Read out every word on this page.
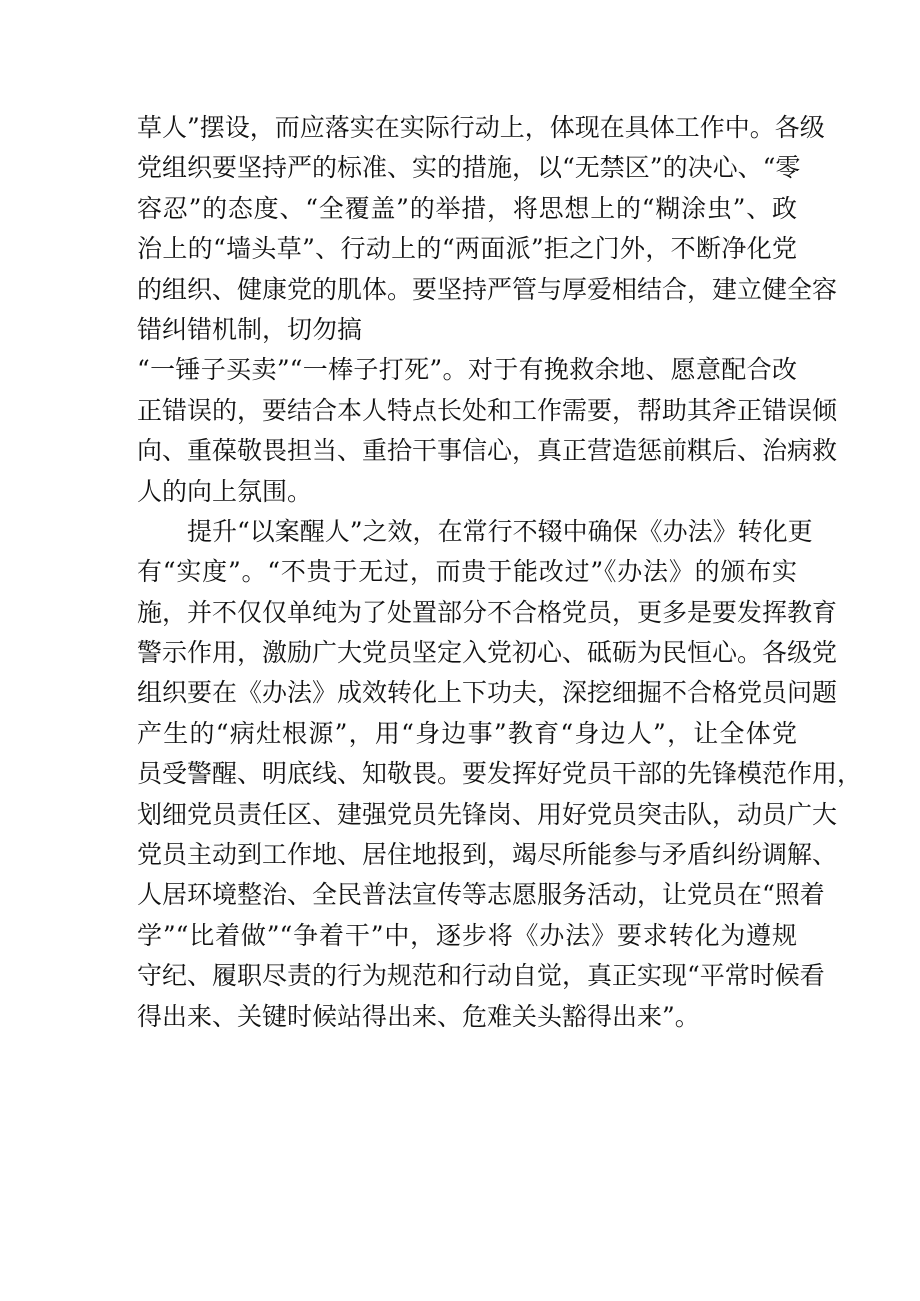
草人”摆设，而应落实在实际行动上，体现在具体工作中。各级
党组织要坚持严的标准、实的措施，以“无禁区”的决心、“零
容忍”的态度、“全覆盖”的举措，将思想上的“糊涂虫”、政
治上的“墙头草”、行动上的“两面派”拒之门外，不断净化党
的组织、健康党的肌体。要坚持严管与厚爱相结合，建立健全容
错纠错机制，切勿搞
“一锤子买卖”“一棒子打死”。对于有挽救余地、愿意配合改
正错误的，要结合本人特点长处和工作需要，帮助其斧正错误倾
向、重葆敬畏担当、重拾干事信心，真正营造惩前粸后、治病救
人的向上氛围。
　　提升“以案醒人”之效，在常行不辍中确保《办法》转化更
有“实度”。“不贵于无过，而贵于能改过”《办法》的颁布实
施，并不仅仅单纯为了处置部分不合格党员，更多是要发挥教育
警示作用，激励广大党员坚定入党初心、砥砺为民恒心。各级党
组织要在《办法》成效转化上下功夫，深挖细掘不合格党员问题
产生的“病灶根源”，用“身边事”教育“身边人”，让全体党
员受警醒、明底线、知敬畏。要发挥好党员干部的先锋模范作用，
划细党员责任区、建强党员先锋岗、用好党员突击队，动员广大
党员主动到工作地、居住地报到，竭尽所能参与矛盾纠纷调解、
人居环境整治、全民普法宣传等志愿服务活动，让党员在“照着
学”“比着做”“争着干”中，逐步将《办法》要求转化为遵规
守纪、履职尽责的行为规范和行动自觉，真正实现“平常时候看
得出来、关键时候站得出来、危难关头豁得出来”。
